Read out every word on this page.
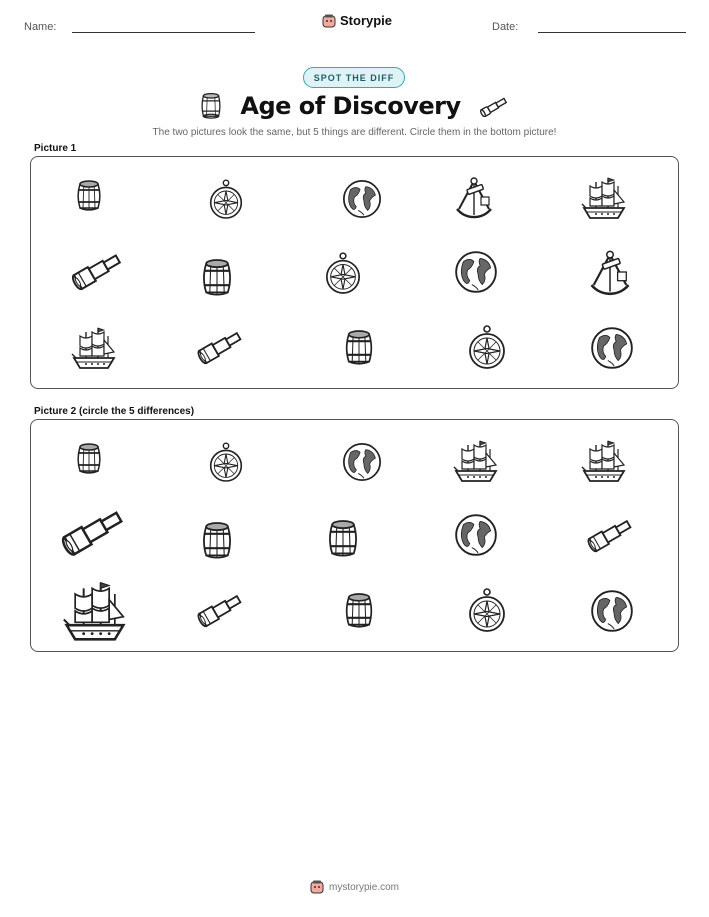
Name:	Storypie	Date:
SPOT THE DIFF
Age of Discovery
The two pictures look the same, but 5 things are different. Circle them in the bottom picture!
Picture 1
Picture 2 (circle the 5 differences)
mystorypie.com
